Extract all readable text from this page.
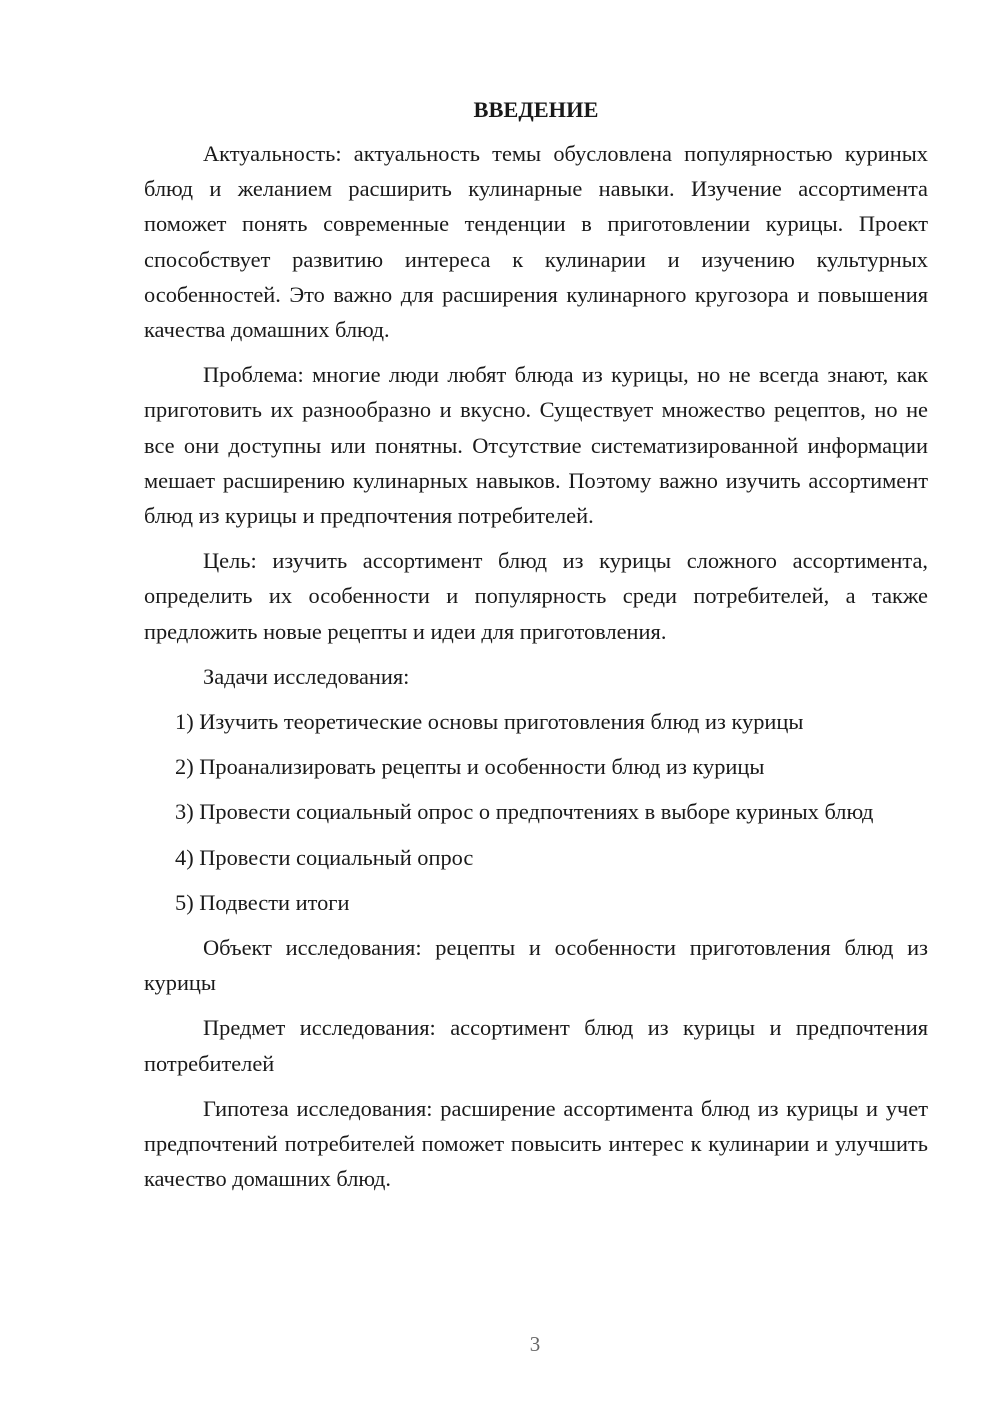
ВВЕДЕНИЕ

Актуальность: актуальность темы обусловлена популярностью куриных блюд и желанием расширить кулинарные навыки. Изучение ассортимента поможет понять современные тенденции в приготовлении курицы. Проект способствует развитию интереса к кулинарии и изучению культурных особенностей. Это важно для расширения кулинарного кругозора и повышения качества домашних блюд.

Проблема: многие люди любят блюда из курицы, но не всегда знают, как приготовить их разнообразно и вкусно. Существует множество рецептов, но не все они доступны или понятны. Отсутствие систематизированной информации мешает расширению кулинарных навыков. Поэтому важно изучить ассортимент блюд из курицы и предпочтения потребителей.

Цель: изучить ассортимент блюд из курицы сложного ассортимента, определить их особенности и популярность среди потребителей, а также предложить новые рецепты и идеи для приготовления.

Задачи исследования:

1) Изучить теоретические основы приготовления блюд из курицы

2) Проанализировать рецепты и особенности блюд из курицы

3) Провести социальный опрос о предпочтениях в выборе куриных блюд

4) Провести социальный опрос

5) Подвести итоги

Объект исследования: рецепты и особенности приготовления блюд из курицы

Предмет исследования: ассортимент блюд из курицы и предпочтения потребителей

Гипотеза исследования: расширение ассортимента блюд из курицы и учет предпочтений потребителей поможет повысить интерес к кулинарии и улучшить качество домашних блюд.

3
